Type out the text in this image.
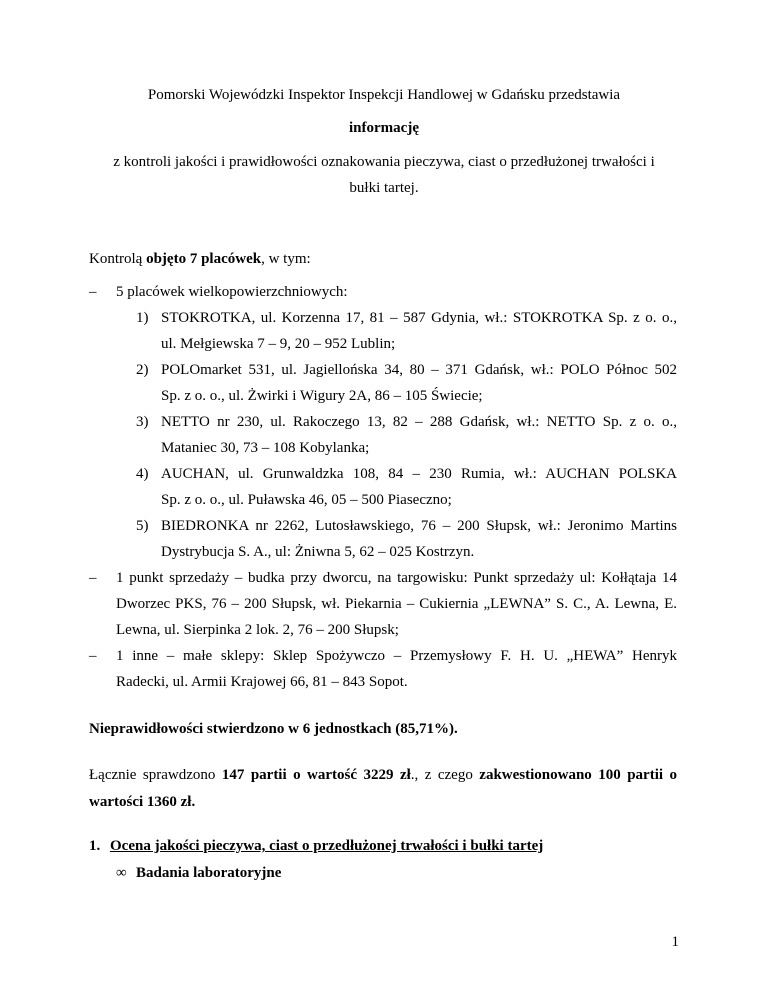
Pomorski Wojewódzki Inspektor Inspekcji Handlowej w Gdańsku przedstawia
informację
z kontroli jakości i prawidłowości oznakowania pieczywa, ciast o przedłużonej trwałości i
bułki tartej.
Kontrolą objęto 7 placówek, w tym:
– 5 placówek wielkopowierzchniowych:
1) STOKROTKA, ul. Korzenna 17, 81 – 587 Gdynia, wł.: STOKROTKA Sp. z o. o.,
ul. Mełgiewska 7 – 9, 20 – 952 Lublin;
2) POLOmarket 531, ul. Jagiellońska 34, 80 – 371 Gdańsk, wł.: POLO Północ 502
Sp. z o. o., ul. Żwirki i Wigury 2A, 86 – 105 Świecie;
3) NETTO nr 230, ul. Rakoczego 13, 82 – 288 Gdańsk, wł.: NETTO Sp. z o. o.,
Mataniec 30, 73 – 108 Kobylanka;
4) AUCHAN, ul. Grunwaldzka 108, 84 – 230 Rumia, wł.: AUCHAN POLSKA
Sp. z o. o., ul. Puławska 46, 05 – 500 Piaseczno;
5) BIEDRONKA nr 2262, Lutosławskiego, 76 – 200 Słupsk, wł.: Jeronimo Martins
Dystrybucja S. A., ul: Żniwna 5, 62 – 025 Kostrzyn.
– 1 punkt sprzedaży – budka przy dworcu, na targowisku: Punkt sprzedaży ul: Kołłątaja 14
Dworzec PKS, 76 – 200 Słupsk, wł. Piekarnia – Cukiernia „LEWNA” S. C., A. Lewna, E.
Lewna, ul. Sierpinka 2 lok. 2, 76 – 200 Słupsk;
– 1 inne – małe sklepy: Sklep Spożywczo – Przemysłowy F. H. U. „HEWA” Henryk
Radecki, ul. Armii Krajowej 66, 81 – 843 Sopot.
Nieprawidłowości stwierdzono w 6 jednostkach (85,71%).
Łącznie sprawdzono 147 partii o wartość 3229 zł., z czego zakwestionowano 100 partii o
wartości 1360 zł.
1. Ocena jakości pieczywa, ciast o przedłużonej trwałości i bułki tartej
∞ Badania laboratoryjne
1
